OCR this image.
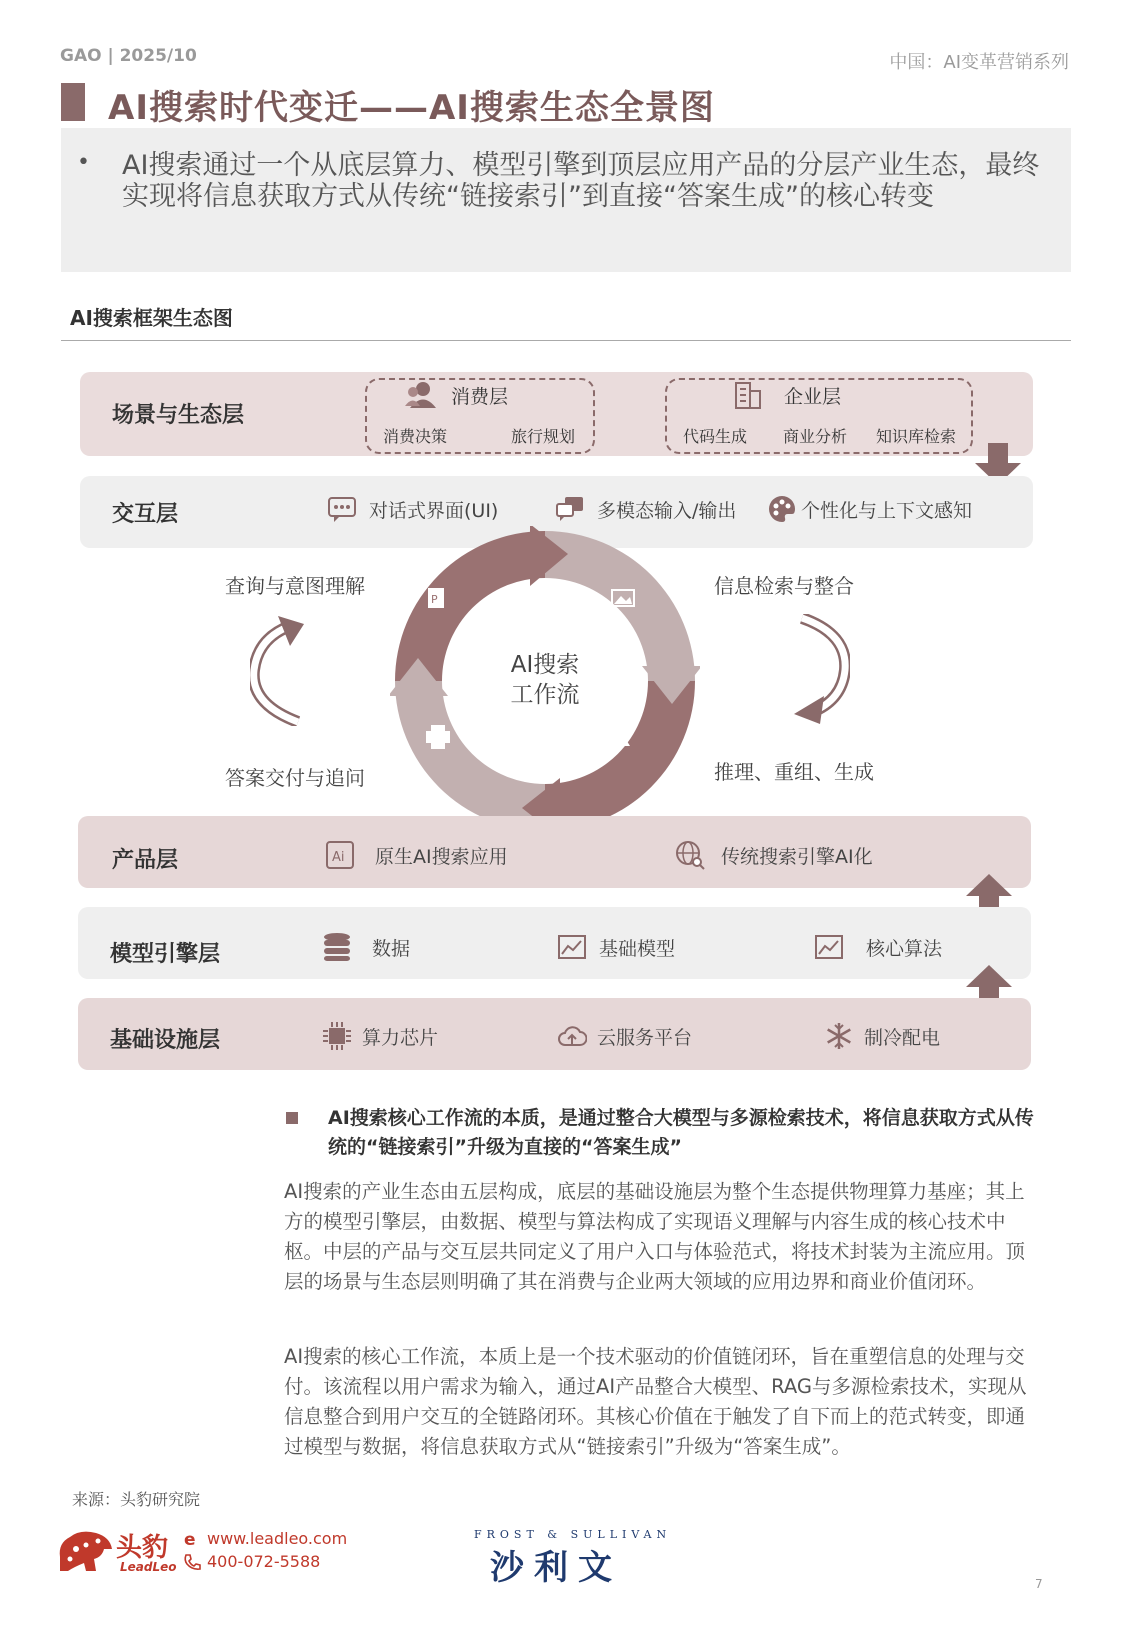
GAO | 2025/10	中国：AI变革营销系列
AI搜索时代变迁——AI搜索生态全景图
• AI搜索通过一个从底层算力、模型引擎到顶层应用产品的分层产业生态，最终实现将信息获取方式从传统“链接索引”到直接“答案生成”的核心转变
AI搜索框架生态图
场景与生态层
消费层
消费决策	旅行规划
企业层
代码生成 商业分析 知识库检索
交互层	对话式界面(UI)	多模态输入/输出	个性化与上下文感知
P
AI搜索
工作流
查询与意图理解	信息检索与整合
推理、重组、生成
答案交付与追问
产品层	Ai 原生AI搜索应用	传统搜索引擎AI化
模型引擎层	数据	基础模型	核心算法
基础设施层	算力芯片	云服务平台	制冷配电
AI搜索核心工作流的本质，是通过整合大模型与多源检索技术，将信息获取方式从传统的“链接索引”升级为直接的“答案生成”
AI搜索的产业生态由五层构成，底层的基础设施层为整个生态提供物理算力基座；其上方的模型引擎层，由数据、模型与算法构成了实现语义理解与内容生成的核心技术中枢。中层的产品与交互层共同定义了用户入口与体验范式，将技术封装为主流应用。顶层的场景与生态层则明确了其在消费与企业两大领域的应用边界和商业价值闭环。
AI搜索的核心工作流，本质上是一个技术驱动的价值链闭环，旨在重塑信息的处理与交付。该流程以用户需求为输入，通过AI产品整合大模型、RAG与多源检索技术，实现从信息整合到用户交互的全链路闭环。其核心价值在于触发了自下而上的范式转变，即通过模型与数据，将信息获取方式从“链接索引”升级为“答案生成”。
来源：头豹研究院
头豹
LeadLeo
e www.leadleo.com
400-072-5588
FROST & SULLIVAN
沙利文	7
